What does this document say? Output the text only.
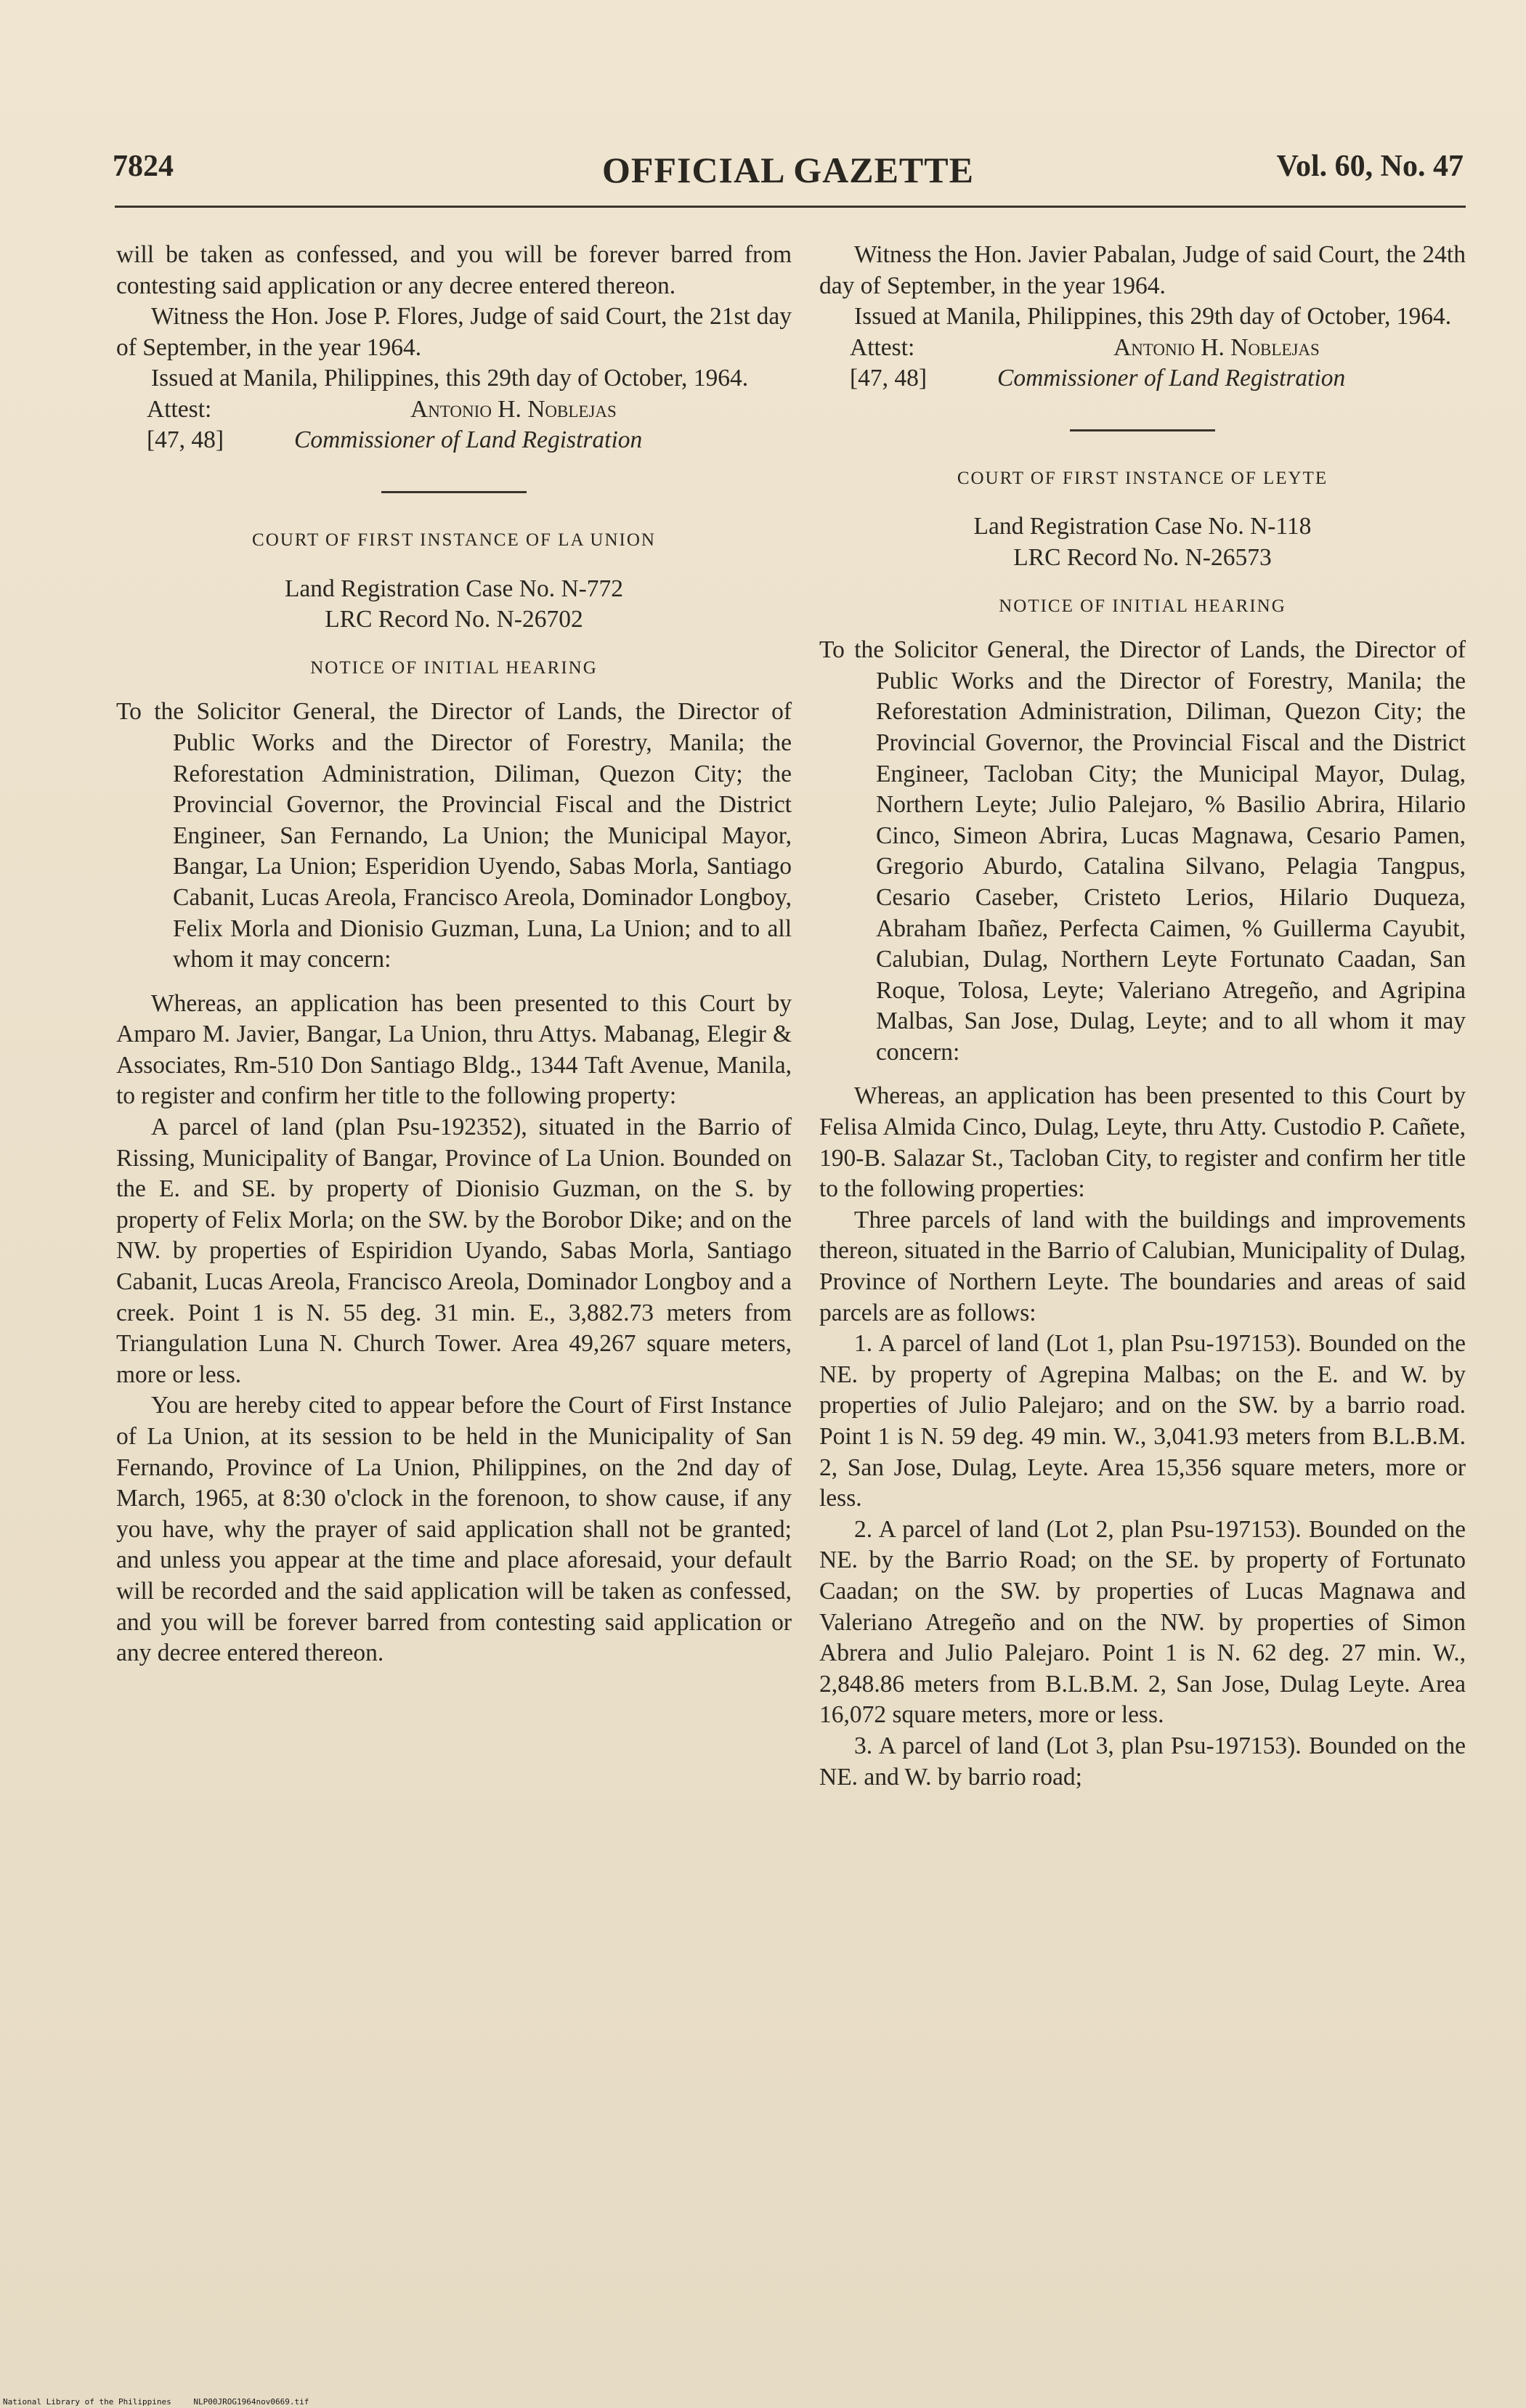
7824	OFFICIAL GAZETTE	Vol. 60, No. 47

will be taken as confessed, and you will be forever barred from contesting said application or any decree entered thereon.

Witness the Hon. Jose P. Flores, Judge of said Court, the 21st day of September, in the year 1964.

Issued at Manila, Philippines, this 29th day of October, 1964.

Attest:
[47, 48]
Antonio H. Noblejas
Commissioner of Land Registration

COURT OF FIRST INSTANCE OF LA UNION

Land Registration Case No. N-772

LRC Record No. N-26702

NOTICE OF INITIAL HEARING

To the Solicitor General, the Director of Lands, the Director of Public Works and the Director of Forestry, Manila; the Reforestation Administration, Diliman, Quezon City; the Provincial Governor, the Provincial Fiscal and the District Engineer, San Fernando, La Union; the Municipal Mayor, Bangar, La Union; Esperidion Uyendo, Sabas Morla, Santiago Cabanit, Lucas Areola, Francisco Areola, Dominador Longboy, Felix Morla and Dionisio Guzman, Luna, La Union; and to all whom it may concern:

Whereas, an application has been presented to this Court by Amparo M. Javier, Bangar, La Union, thru Attys. Mabanag, Elegir & Associates, Rm-510 Don Santiago Bldg., 1344 Taft Avenue, Manila, to register and confirm her title to the following property:

A parcel of land (plan Psu-192352), situated in the Barrio of Rissing, Municipality of Bangar, Province of La Union. Bounded on the E. and SE. by property of Dionisio Guzman, on the S. by property of Felix Morla; on the SW. by the Borobor Dike; and on the NW. by properties of Espiridion Uyando, Sabas Morla, Santiago Cabanit, Lucas Areola, Francisco Areola, Dominador Longboy and a creek. Point 1 is N. 55 deg. 31 min. E., 3,882.73 meters from Triangulation Luna N. Church Tower. Area 49,267 square meters, more or less.

You are hereby cited to appear before the Court of First Instance of La Union, at its session to be held in the Municipality of San Fernando, Province of La Union, Philippines, on the 2nd day of March, 1965, at 8:30 o'clock in the forenoon, to show cause, if any you have, why the prayer of said application shall not be granted; and unless you appear at the time and place aforesaid, your default will be recorded and the said application will be taken as confessed, and you will be forever barred from contesting said application or any decree entered thereon.

Witness the Hon. Javier Pabalan, Judge of said Court, the 24th day of September, in the year 1964.

Issued at Manila, Philippines, this 29th day of October, 1964.

Attest:
[47, 48]
Antonio H. Noblejas
Commissioner of Land Registration

COURT OF FIRST INSTANCE OF LEYTE

Land Registration Case No. N-118

LRC Record No. N-26573

NOTICE OF INITIAL HEARING

To the Solicitor General, the Director of Lands, the Director of Public Works and the Director of Forestry, Manila; the Reforestation Administration, Diliman, Quezon City; the Provincial Governor, the Provincial Fiscal and the District Engineer, Tacloban City; the Municipal Mayor, Dulag, Northern Leyte; Julio Palejaro, % Basilio Abrira, Hilario Cinco, Simeon Abrira, Lucas Magnawa, Cesario Pamen, Gregorio Aburdo, Catalina Silvano, Pelagia Tangpus, Cesario Caseber, Cristeto Lerios, Hilario Duqueza, Abraham Ibañez, Perfecta Caimen, % Guillerma Cayubit, Calubian, Dulag, Northern Leyte Fortunato Caadan, San Roque, Tolosa, Leyte; Valeriano Atregeño, and Agripina Malbas, San Jose, Dulag, Leyte; and to all whom it may concern:

Whereas, an application has been presented to this Court by Felisa Almida Cinco, Dulag, Leyte, thru Atty. Custodio P. Cañete, 190-B. Salazar St., Tacloban City, to register and confirm her title to the following properties:

Three parcels of land with the buildings and improvements thereon, situated in the Barrio of Calubian, Municipality of Dulag, Province of Northern Leyte. The boundaries and areas of said parcels are as follows:

1. A parcel of land (Lot 1, plan Psu-197153). Bounded on the NE. by property of Agrepina Malbas; on the E. and W. by properties of Julio Palejaro; and on the SW. by a barrio road. Point 1 is N. 59 deg. 49 min. W., 3,041.93 meters from B.L.B.M. 2, San Jose, Dulag, Leyte. Area 15,356 square meters, more or less.

2. A parcel of land (Lot 2, plan Psu-197153). Bounded on the NE. by the Barrio Road; on the SE. by property of Fortunato Caadan; on the SW. by properties of Lucas Magnawa and Valeriano Atregeño and on the NW. by properties of Simon Abrera and Julio Palejaro. Point 1 is N. 62 deg. 27 min. W., 2,848.86 meters from B.L.B.M. 2, San Jose, Dulag Leyte. Area 16,072 square meters, more or less.

3. A parcel of land (Lot 3, plan Psu-197153). Bounded on the NE. and W. by barrio road;

National Library of the Philippines	NLP00JROG1964nov0669.tif
